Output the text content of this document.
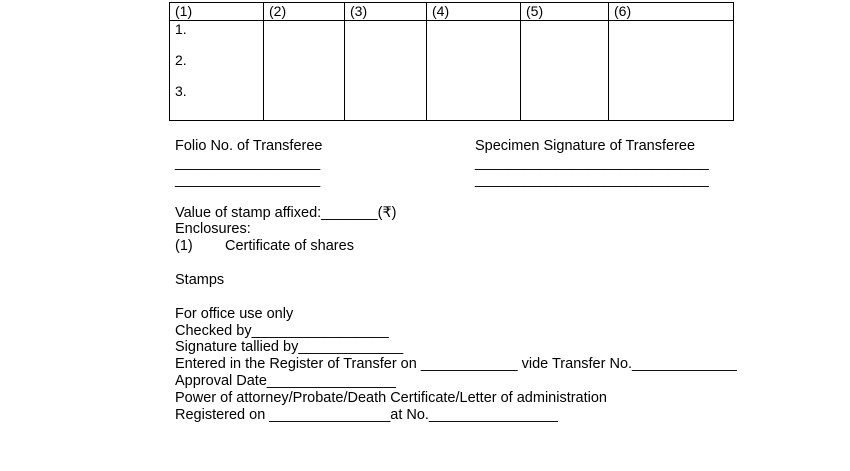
(1)	(2)	(3)	(4)	(5)	(6)

1.
2.
3.					

Folio No. of Transferee
__________________
__________________
Specimen Signature of Transferee
_____________________________
_____________________________
Value of stamp affixed:_______(₹)
Enclosures:
(1) Certificate of shares
Stamps
For office use only
Checked by_________________
Signature tallied by_____________
Entered in the Register of Transfer on ____________ vide Transfer No._____________
Approval Date________________
Power of attorney/Probate/Death Certificate/Letter of administration
Registered on _______________at No.________________
